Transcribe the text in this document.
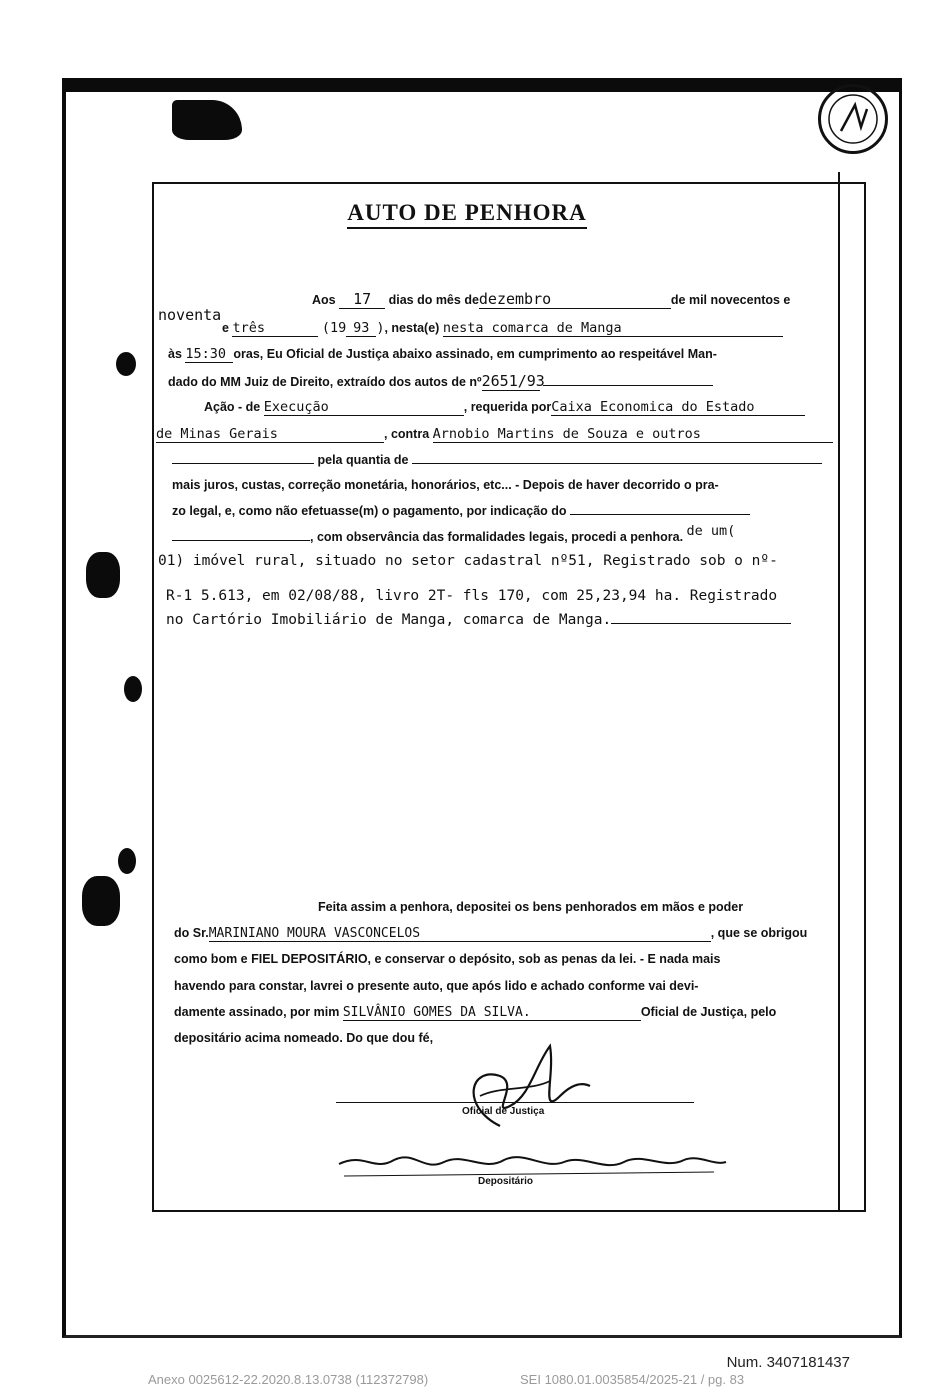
AUTO DE PENHORA
Aos 17 dias do mês dedezembro	de mil novecentos e
noventa
e três	(19 93 ), nesta(e) nesta comarca de Manga
às 15:30 oras, Eu Oficial de Justiça abaixo assinado, em cumprimento ao respeitável Man-
dado do MM Juiz de Direito, extraído dos autos de nº2651/93
Ação - de Execução	, requerida porCaixa Economica do Estado
de Minas Gerais	, contra Arnobio Martins de Souza e outros
pela quantia de
mais juros, custas, correção monetária, honorários, etc... - Depois de haver decorrido o pra-
zo legal, e, como não efetuasse(m) o pagamento, por indicação do
, com observância das formalidades legais, procedi a penhora. de um(
01) imóvel rural, situado no setor cadastral nº51, Registrado sob o nº-
R-1 5.613, em 02/08/88, livro 2T- fls 170, com 25,23,94 ha. Registrado
no Cartório Imobiliário de Manga, comarca de Manga.
Feita assim a penhora, depositei os bens penhorados em mãos e poder
do Sr.MARINIANO MOURA VASCONCELOS	, que se obrigou
como bom e FIEL DEPOSITÁRIO, e conservar o depósito, sob as penas da lei. - E nada mais
havendo para constar, lavrei o presente auto, que após lido e achado conforme vai devi-
damente assinado, por mim SILVÂNIO GOMES DA SILVA.	Oficial de Justiça, pelo
depositário acima nomeado. Do que dou fé,
Oficial de Justiça
Depositário
Num. 3407181437
Anexo 0025612-22.2020.8.13.0738 (112372798)	SEI 1080.01.0035854/2025-21 / pg. 83
